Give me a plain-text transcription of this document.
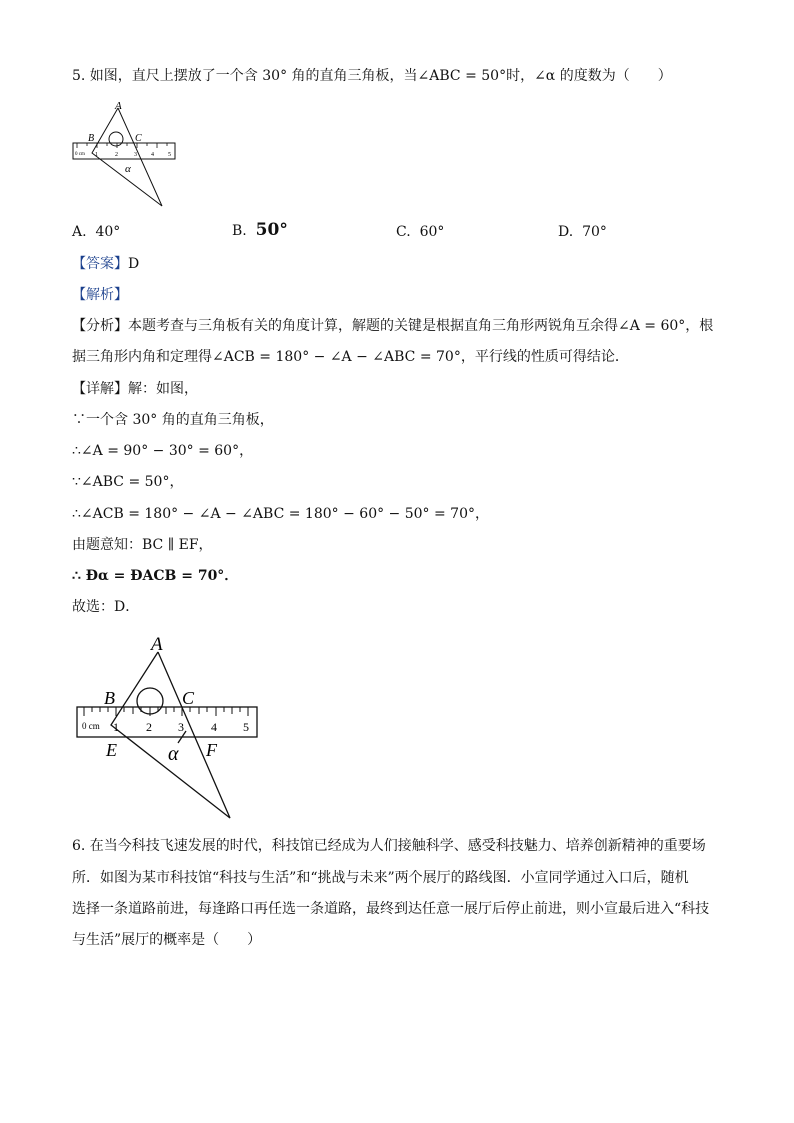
5. 如图，直尺上摆放了一个含 30° 角的直角三角板，当∠ABC = 50°时，∠α 的度数为（　　）
A
B	C
0 cm 1	2	3 4 5
α
A. 40°	B. 50°	C. 60°	D. 70°
【答案】D
【解析】
【分析】本题考查与三角板有关的角度计算，解题的关键是根据直角三角形两锐角互余得∠A = 60°，根
据三角形内角和定理得∠ACB = 180° − ∠A − ∠ABC = 70°，平行线的性质可得结论．
【详解】解：如图，
∵一个含 30° 角的直角三角板，
∴∠A = 90° − 30° = 60°，
∵∠ABC = 50°，
∴∠ACB = 180° − ∠A − ∠ABC = 180° − 60° − 50° = 70°，
由题意知：BC ∥ EF，
∴ Đα = ĐACB = 70°．
故选：D．
A
B	C
0 cm 1 2 3 4 5
E	α F
6. 在当今科技飞速发展的时代，科技馆已经成为人们接触科学、感受科技魅力、培养创新精神的重要场
所．如图为某市科技馆“科技与生活”和“挑战与未来”两个展厅的路线图．小宣同学通过入口后，随机
选择一条道路前进，每逢路口再任选一条道路，最终到达任意一展厅后停止前进，则小宣最后进入“科技
与生活”展厅的概率是（　　）
